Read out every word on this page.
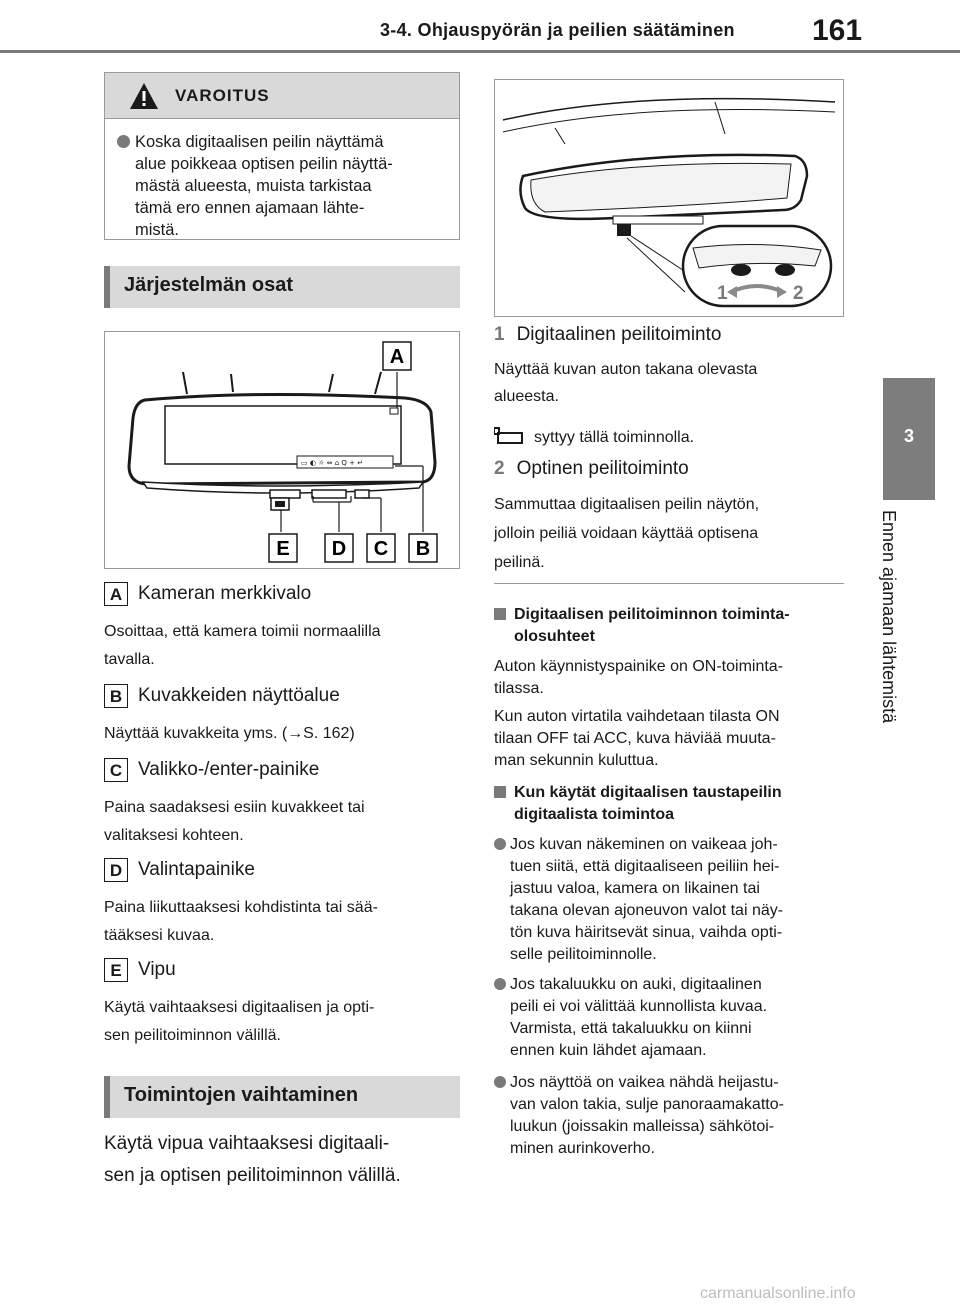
3-4. Ohjauspyörän ja peilien säätäminen	161
3
Ennen ajamaan lähtemistä
VAROITUS
Koska digitaalisen peilin näyttämä
alue poikkeaa optisen peilin näyttä-
mästä alueesta, muista tarkistaa
tämä ero ennen ajamaan lähte-
mistä.
Järjestelmän osat
▭ ◐ ☼ ⇔ ⌂ Q + ↵
A
E D C B
A Kameran merkkivalo
Osoittaa, että kamera toimii normaalilla
tavalla.
B Kuvakkeiden näyttöalue
Näyttää kuvakkeita yms. (→S. 162)
C Valikko-/enter-painike
Paina saadaksesi esiin kuvakkeet tai
valitaksesi kohteen.
D Valintapainike
Paina liikuttaaksesi kohdistinta tai sää-
tääksesi kuvaa.
E Vipu
Käytä vaihtaaksesi digitaalisen ja opti-
sen peilitoiminnon välillä.
Toimintojen vaihtaminen
Käytä vipua vaihtaaksesi digitaali-
sen ja optisen peilitoiminnon välillä.
1	2
1 Digitaalinen peilitoiminto
Näyttää kuvan auton takana olevasta
alueesta.
syttyy tällä toiminnolla.
2 Optinen peilitoiminto
Sammuttaa digitaalisen peilin näytön,
jolloin peiliä voidaan käyttää optisena
peilinä.
Digitaalisen peilitoiminnon toiminta-
olosuhteet
Auton käynnistyspainike on ON-toiminta-
tilassa.
Kun auton virtatila vaihdetaan tilasta ON
tilaan OFF tai ACC, kuva häviää muuta-
man sekunnin kuluttua.
Kun käytät digitaalisen taustapeilin
digitaalista toimintoa
Jos kuvan näkeminen on vaikeaa joh-
tuen siitä, että digitaaliseen peiliin hei-
jastuu valoa, kamera on likainen tai
takana olevan ajoneuvon valot tai näy-
tön kuva häiritsevät sinua, vaihda opti-
selle peilitoiminnolle.
Jos takaluukku on auki, digitaalinen
peili ei voi välittää kunnollista kuvaa.
Varmista, että takaluukku on kiinni
ennen kuin lähdet ajamaan.
Jos näyttöä on vaikea nähdä heijastu-
van valon takia, sulje panoraamakatto-
luukun (joissakin malleissa) sähkötoi-
minen aurinkoverho.
carmanualsonline.info
